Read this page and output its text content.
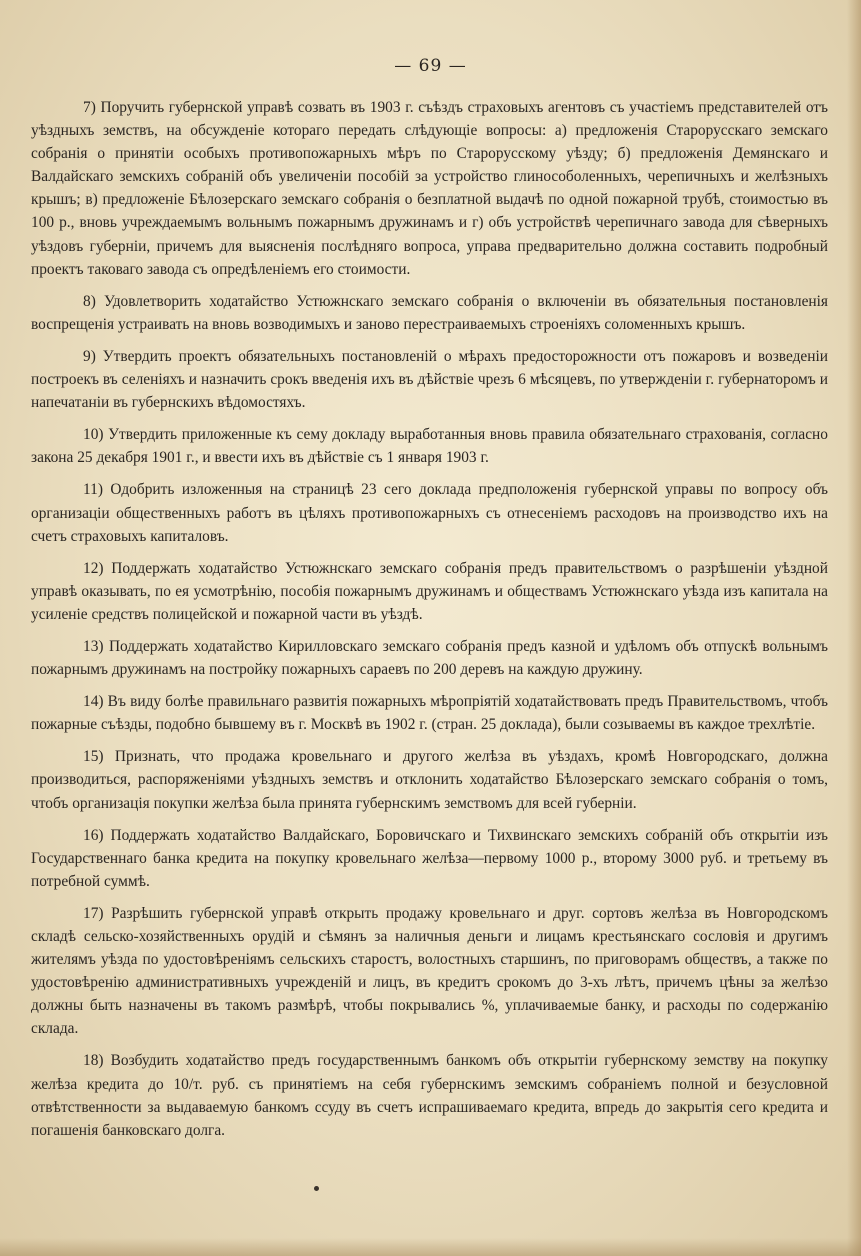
— 69 —

7) Поручить губернской управѣ созвать въ 1903 г. съѣздъ страховыхъ агентовъ съ участіемъ представителей отъ уѣздныхъ земствъ, на обсужденіе котораго передать слѣдующіе вопросы: а) предложенія Старорусскаго земскаго собранія о принятіи особыхъ противопожарныхъ мѣръ по Старорусскому уѣзду; б) предложенія Демянскаго и Валдайскаго земскихъ собраній объ увеличеніи пособій за устройство глинособоленныхъ, черепичныхъ и желѣзныхъ крышъ; в) предложеніе Бѣлозерскаго земскаго собранія о безплатной выдачѣ по одной пожарной трубѣ, стоимостью въ 100 р., вновь учреждаемымъ вольнымъ пожарнымъ дружинамъ и г) объ устройствѣ черепичнаго завода для сѣверныхъ уѣздовъ губерніи, причемъ для выясненія послѣдняго вопроса, управа предварительно должна составить подробный проектъ таковаго завода съ опредѣленіемъ его стоимости.

8) Удовлетворить ходатайство Устюжнскаго земскаго собранія о включеніи въ обязательныя постановленія воспрещенія устраивать на вновь возводимыхъ и заново перестраиваемыхъ строеніяхъ соломенныхъ крышъ.

9) Утвердить проектъ обязательныхъ постановленій о мѣрахъ предосторожности отъ пожаровъ и возведеніи построекъ въ селеніяхъ и назначить срокъ введенія ихъ въ дѣйствіе чрезъ 6 мѣсяцевъ, по утвержденіи г. губернаторомъ и напечатаніи въ губернскихъ вѣдомостяхъ.

10) Утвердить приложенные къ сему докладу выработанныя вновь правила обязательнаго страхованія, согласно закона 25 декабря 1901 г., и ввести ихъ въ дѣйствіе съ 1 января 1903 г.

11) Одобрить изложенныя на страницѣ 23 сего доклада предположенія губернской управы по вопросу объ организаціи общественныхъ работъ въ цѣляхъ противопожарныхъ съ отнесеніемъ расходовъ на производство ихъ на счетъ страховыхъ капиталовъ.

12) Поддержать ходатайство Устюжнскаго земскаго собранія предъ правительствомъ о разрѣшеніи уѣздной управѣ оказывать, по ея усмотрѣнію, пособія пожарнымъ дружинамъ и обществамъ Устюжнскаго уѣзда изъ капитала на усиленіе средствъ полицейской и пожарной части въ уѣздѣ.

13) Поддержать ходатайство Кирилловскаго земскаго собранія предъ казной и удѣломъ объ отпускѣ вольнымъ пожарнымъ дружинамъ на постройку пожарныхъ сараевъ по 200 деревъ на каждую дружину.

14) Въ виду болѣе правильнаго развитія пожарныхъ мѣропріятій ходатайствовать предъ Правительствомъ, чтобъ пожарные съѣзды, подобно бывшему въ г. Москвѣ въ 1902 г. (стран. 25 доклада), были созываемы въ каждое трехлѣтіе.

15) Признать, что продажа кровельнаго и другого желѣза въ уѣздахъ, кромѣ Новгородскаго, должна производиться, распоряженіями уѣздныхъ земствъ и отклонить ходатайство Бѣлозерскаго земскаго собранія о томъ, чтобъ организація покупки желѣза была принята губернскимъ земствомъ для всей губерніи.

16) Поддержать ходатайство Валдайскаго, Боровичскаго и Тихвинскаго земскихъ собраній объ открытіи изъ Государственнаго банка кредита на покупку кровельнаго желѣза—первому 1000 р., второму 3000 руб. и третьему въ потребной суммѣ.

17) Разрѣшить губернской управѣ открыть продажу кровельнаго и друг. сортовъ желѣза въ Новгородскомъ складѣ сельско-хозяйственныхъ орудій и сѣмянъ за наличныя деньги и лицамъ крестьянскаго сословія и другимъ жителямъ уѣзда по удостовѣреніямъ сельскихъ старостъ, волостныхъ старшинъ, по приговорамъ обществъ, а также по удостовѣренію административныхъ учрежденій и лицъ, въ кредитъ срокомъ до 3-хъ лѣтъ, причемъ цѣны за желѣзо должны быть назначены въ такомъ размѣрѣ, чтобы покрывались %, уплачиваемые банку, и расходы по содержанію склада.

18) Возбудить ходатайство предъ государственнымъ банкомъ объ открытіи губернскому земству на покупку желѣза кредита до 10/т. руб. съ принятіемъ на себя губернскимъ земскимъ собраніемъ полной и безусловной отвѣтственности за выдаваемую банкомъ ссуду въ счетъ испрашиваемаго кредита, впредь до закрытія сего кредита и погашенія банковскаго долга.
